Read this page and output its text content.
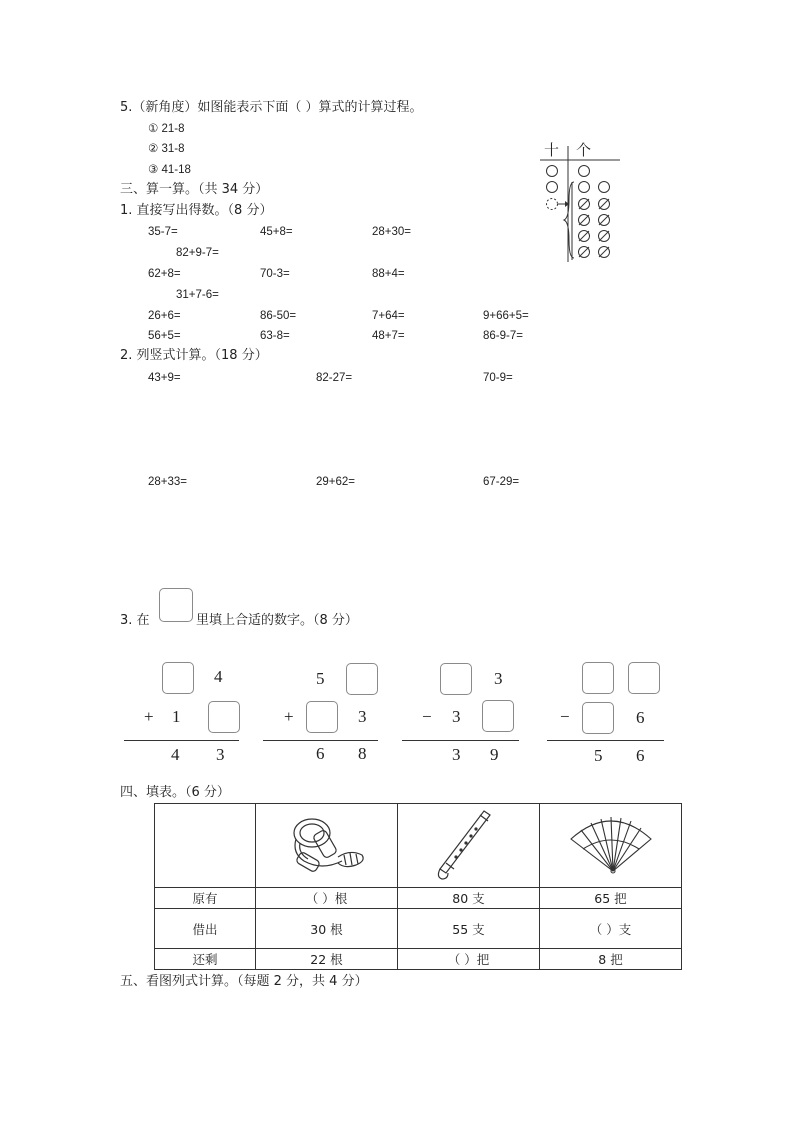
5.（新角度）如图能表示下面（ ）算式的计算过程。
① 21-8
② 31-8
③ 41-18
十 个
三、算一算。（共 34 分）
1. 直接写出得数。（8 分）
35-7=	45+8=	28+30=
82+9-7=
62+8=	70-3=	88+4=
31+7-6=
26+6=	86-50=	7+64=	9+66+5=
56+5=	63-8=	48+7=	86-9-7=
2. 列竖式计算。（18 分）
43+9=	82-27=	70-9=
28+33=	29+62=	67-29=
3. 在	里填上合适的数字。（8 分）
4
+ 1
4 3
5
+	3
6 8
3
− 3
3 9
−	6
5 6
四、填表。（6 分）

原有	（ ）根	80 支	65 把
借出	30 根	55 支	（ ）支
还剩	22 根	（ ）把	8 把
五、看图列式计算。（每题 2 分，共 4 分）
